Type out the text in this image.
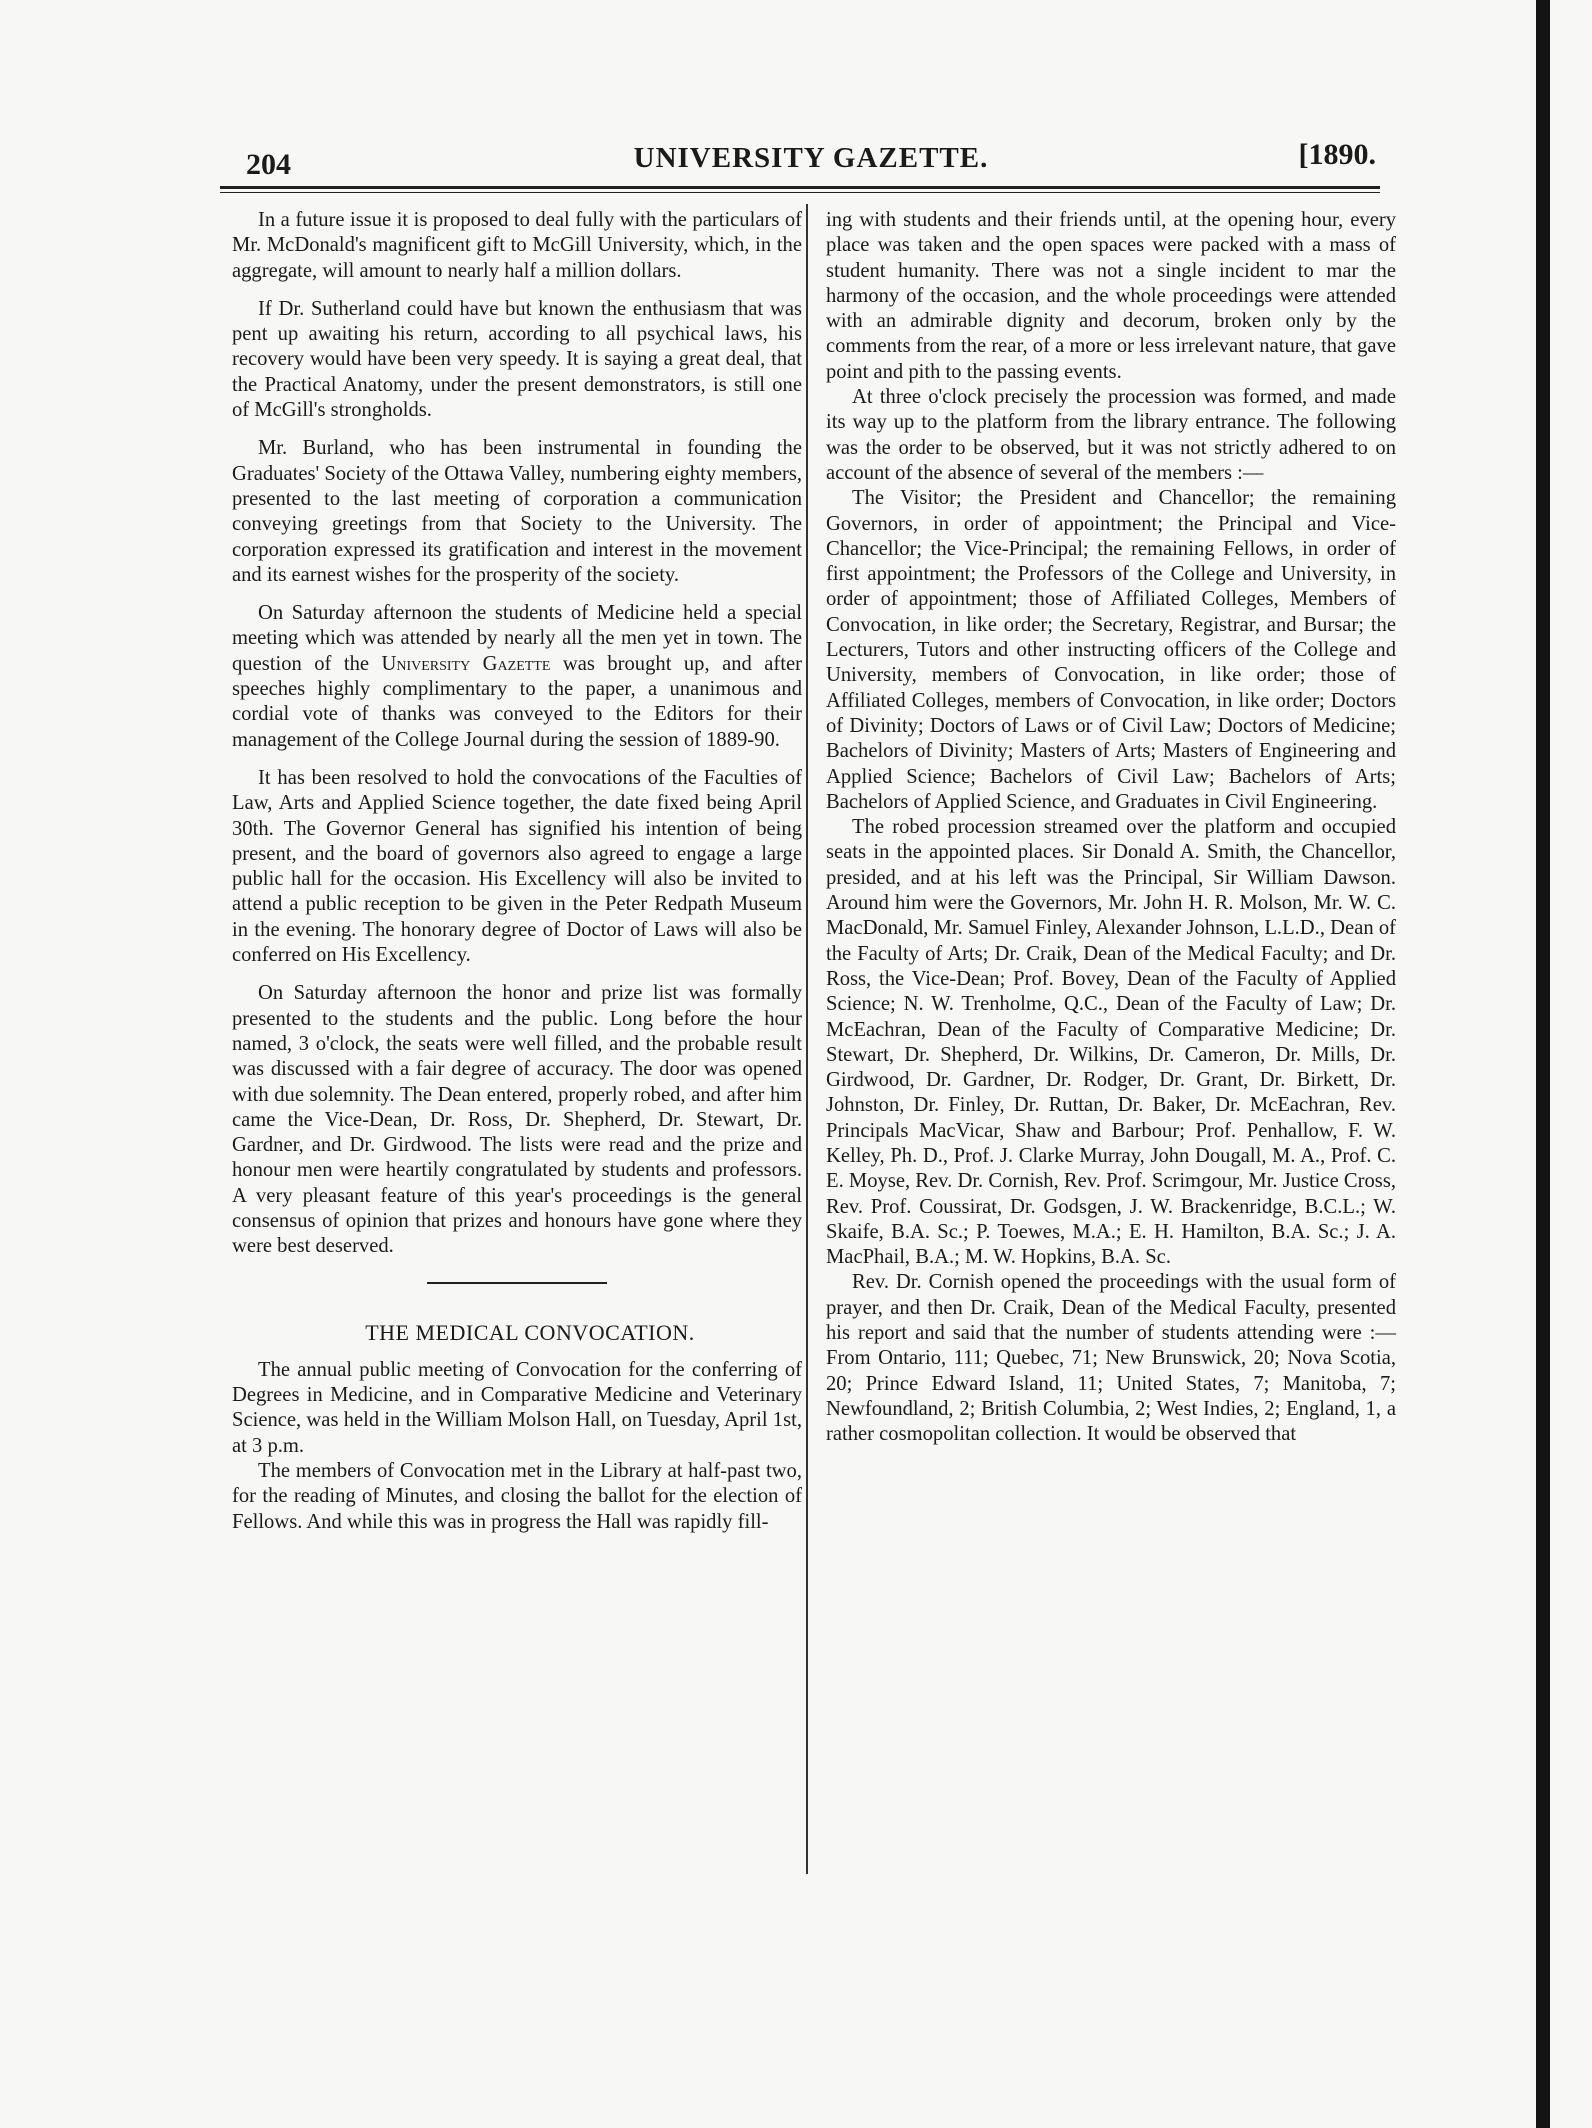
204	UNIVERSITY GAZETTE.	[1890.

In a future issue it is proposed to deal fully with the particulars of Mr. McDonald's magnificent gift to McGill University, which, in the aggregate, will amount to nearly half a million dollars.

If Dr. Sutherland could have but known the enthusiasm that was pent up awaiting his return, according to all psychical laws, his recovery would have been very speedy. It is saying a great deal, that the Practical Anatomy, under the present demonstrators, is still one of McGill's strongholds.

Mr. Burland, who has been instrumental in founding the Graduates' Society of the Ottawa Valley, numbering eighty members, presented to the last meeting of corporation a communication conveying greetings from that Society to the University. The corporation expressed its gratification and interest in the movement and its earnest wishes for the prosperity of the society.

On Saturday afternoon the students of Medicine held a special meeting which was attended by nearly all the men yet in town. The question of the University Gazette was brought up, and after speeches highly complimentary to the paper, a unanimous and cordial vote of thanks was conveyed to the Editors for their management of the College Journal during the session of 1889-90.

It has been resolved to hold the convocations of the Faculties of Law, Arts and Applied Science together, the date fixed being April 30th. The Governor General has signified his intention of being present, and the board of governors also agreed to engage a large public hall for the occasion. His Excellency will also be invited to attend a public reception to be given in the Peter Redpath Museum in the evening. The honorary degree of Doctor of Laws will also be conferred on His Excellency.

On Saturday afternoon the honor and prize list was formally presented to the students and the public. Long before the hour named, 3 o'clock, the seats were well filled, and the probable result was discussed with a fair degree of accuracy. The door was opened with due solemnity. The Dean entered, properly robed, and after him came the Vice-Dean, Dr. Ross, Dr. Shepherd, Dr. Stewart, Dr. Gardner, and Dr. Girdwood. The lists were read and the prize and honour men were heartily congratulated by students and professors. A very pleasant feature of this year's proceedings is the general consensus of opinion that prizes and honours have gone where they were best deserved.

THE MEDICAL CONVOCATION.

The annual public meeting of Convocation for the conferring of Degrees in Medicine, and in Comparative Medicine and Veterinary Science, was held in the William Molson Hall, on Tuesday, April 1st, at 3 p.m.

The members of Convocation met in the Library at half-past two, for the reading of Minutes, and closing the ballot for the election of Fellows. And while this was in progress the Hall was rapidly fill-

ing with students and their friends until, at the opening hour, every place was taken and the open spaces were packed with a mass of student humanity. There was not a single incident to mar the harmony of the occasion, and the whole proceedings were attended with an admirable dignity and decorum, broken only by the comments from the rear, of a more or less irrelevant nature, that gave point and pith to the passing events.

At three o'clock precisely the procession was formed, and made its way up to the platform from the library entrance. The following was the order to be observed, but it was not strictly adhered to on account of the absence of several of the members :—

The Visitor; the President and Chancellor; the remaining Governors, in order of appointment; the Principal and Vice-Chancellor; the Vice-Principal; the remaining Fellows, in order of first appointment; the Professors of the College and University, in order of appointment; those of Affiliated Colleges, Members of Convocation, in like order; the Secretary, Registrar, and Bursar; the Lecturers, Tutors and other instructing officers of the College and University, members of Convocation, in like order; those of Affiliated Colleges, members of Convocation, in like order; Doctors of Divinity; Doctors of Laws or of Civil Law; Doctors of Medicine; Bachelors of Divinity; Masters of Arts; Masters of Engineering and Applied Science; Bachelors of Civil Law; Bachelors of Arts; Bachelors of Applied Science, and Graduates in Civil Engineering.

The robed procession streamed over the platform and occupied seats in the appointed places. Sir Donald A. Smith, the Chancellor, presided, and at his left was the Principal, Sir William Dawson. Around him were the Governors, Mr. John H. R. Molson, Mr. W. C. MacDonald, Mr. Samuel Finley, Alexander Johnson, L.L.D., Dean of the Faculty of Arts; Dr. Craik, Dean of the Medical Faculty; and Dr. Ross, the Vice-Dean; Prof. Bovey, Dean of the Faculty of Applied Science; N. W. Trenholme, Q.C., Dean of the Faculty of Law; Dr. McEachran, Dean of the Faculty of Comparative Medicine; Dr. Stewart, Dr. Shepherd, Dr. Wilkins, Dr. Cameron, Dr. Mills, Dr. Girdwood, Dr. Gardner, Dr. Rodger, Dr. Grant, Dr. Birkett, Dr. Johnston, Dr. Finley, Dr. Ruttan, Dr. Baker, Dr. McEachran, Rev. Principals MacVicar, Shaw and Barbour; Prof. Penhallow, F. W. Kelley, Ph. D., Prof. J. Clarke Murray, John Dougall, M. A., Prof. C. E. Moyse, Rev. Dr. Cornish, Rev. Prof. Scrimgour, Mr. Justice Cross, Rev. Prof. Coussirat, Dr. Godsgen, J. W. Brackenridge, B.C.L.; W. Skaife, B.A. Sc.; P. Toewes, M.A.; E. H. Hamilton, B.A. Sc.; J. A. MacPhail, B.A.; M. W. Hopkins, B.A. Sc.

Rev. Dr. Cornish opened the proceedings with the usual form of prayer, and then Dr. Craik, Dean of the Medical Faculty, presented his report and said that the number of students attending were :—From Ontario, 111; Quebec, 71; New Brunswick, 20; Nova Scotia, 20; Prince Edward Island, 11; United States, 7; Manitoba, 7; Newfoundland, 2; British Columbia, 2; West Indies, 2; England, 1, a rather cosmopolitan collection. It would be observed that
